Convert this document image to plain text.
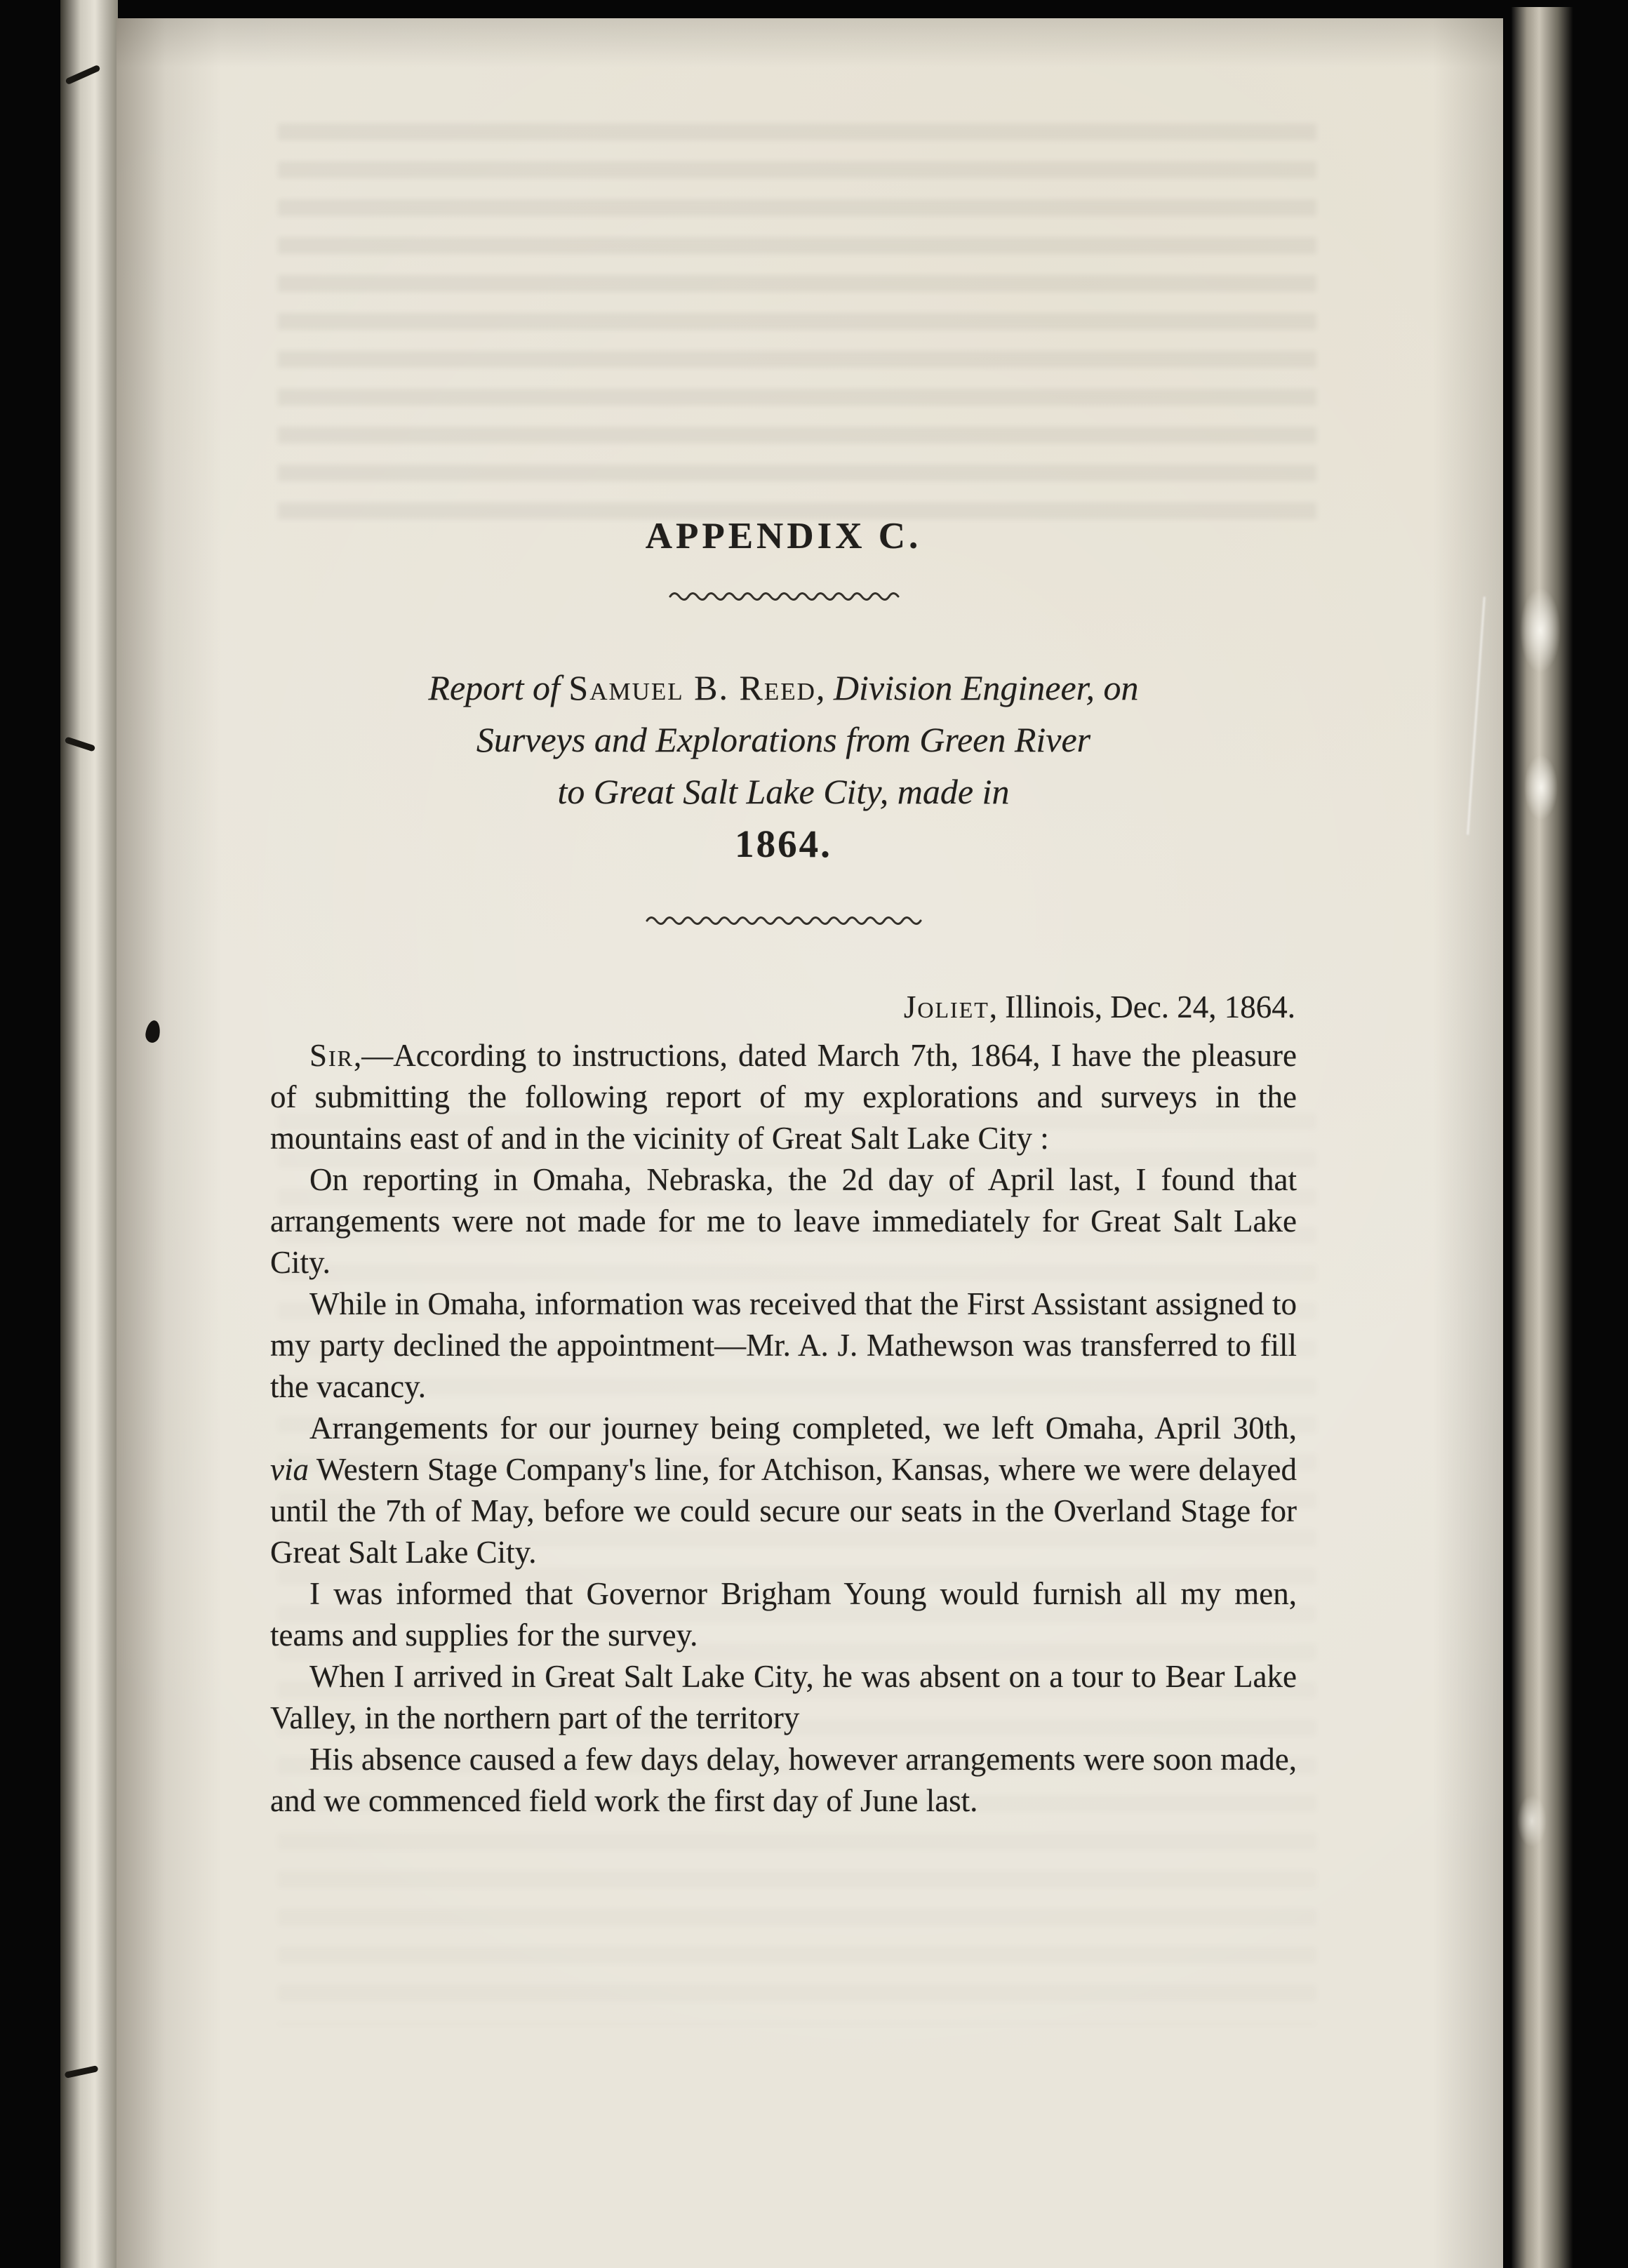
APPENDIX C.
Report of Samuel B. Reed, Division Engineer, on
Surveys and Explorations from Green River
to Great Salt Lake City, made in
1864.
Joliet, Illinois, Dec. 24, 1864.

Sir,—According to instructions, dated March 7th, 1864, I have the pleasure of submitting the following report of my explorations and surveys in the mountains east of and in the vicinity of Great Salt Lake City :

On reporting in Omaha, Nebraska, the 2d day of April last, I found that arrangements were not made for me to leave immediately for Great Salt Lake City.

While in Omaha, information was received that the First Assistant assigned to my party declined the appointment—Mr. A. J. Mathewson was transferred to fill the vacancy.

Arrangements for our journey being completed, we left Omaha, April 30th, via Western Stage Company's line, for Atchison, Kansas, where we were delayed until the 7th of May, before we could secure our seats in the Overland Stage for Great Salt Lake City.

I was informed that Governor Brigham Young would furnish all my men, teams and supplies for the survey.

When I arrived in Great Salt Lake City, he was absent on a tour to Bear Lake Valley, in the northern part of the territory

His absence caused a few days delay, however arrangements were soon made, and we commenced field work the first day of June last.
